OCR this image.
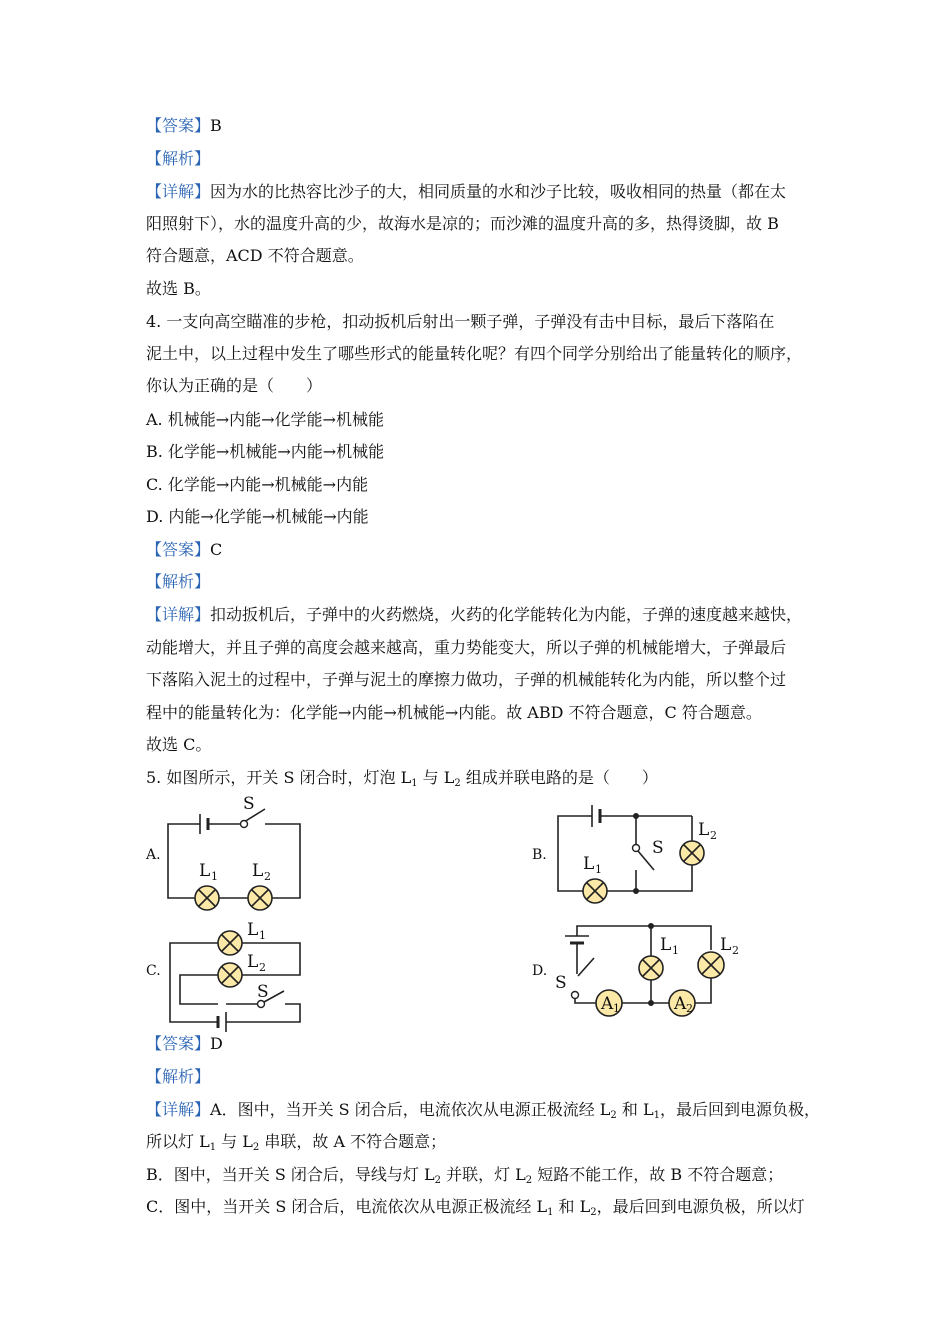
【答案】B
【解析】
【详解】因为水的比热容比沙子的大，相同质量的水和沙子比较，吸收相同的热量（都在太
阳照射下），水的温度升高的少，故海水是凉的；而沙滩的温度升高的多，热得烫脚，故 B
符合题意，ACD 不符合题意。
故选 B。
4. 一支向高空瞄准的步枪，扣动扳机后射出一颗子弹，子弹没有击中目标，最后下落陷在
泥土中，以上过程中发生了哪些形式的能量转化呢？有四个同学分别给出了能量转化的顺序，
你认为正确的是（　　）
A. 机械能→内能→化学能→机械能
B. 化学能→机械能→内能→机械能
C. 化学能→内能→机械能→内能
D. 内能→化学能→机械能→内能
【答案】C
【解析】
【详解】扣动扳机后，子弹中的火药燃烧，火药的化学能转化为内能，子弹的速度越来越快，
动能增大，并且子弹的高度会越来越高，重力势能变大，所以子弹的机械能增大，子弹最后
下落陷入泥土的过程中，子弹与泥土的摩擦力做功，子弹的机械能转化为内能，所以整个过
程中的能量转化为：化学能→内能→机械能→内能。故 ABD 不符合题意，C 符合题意。
故选 C。
5. 如图所示，开关 S 闭合时，灯泡 $L_1$ 与 $L_2$ 组成并联电路的是（　　）
A.	B.
C.	D.
S
L 1 L 2
S
L 1
L 2
S
L 1
L 2
S
L 1 L 2
A 1	A 2
【答案】D
【解析】
【详解】A．图中，当开关 S 闭合后，电流依次从电源正极流经 $L_2$ 和 $L_1$，最后回到电源负极，
所以灯 $L_1$ 与 $L_2$ 串联，故 A 不符合题意；
B．图中，当开关 S 闭合后，导线与灯 $L_2$ 并联，灯 $L_2$ 短路不能工作，故 B 不符合题意；
C．图中，当开关 S 闭合后，电流依次从电源正极流经 $L_1$ 和 $L_2$，最后回到电源负极，所以灯
